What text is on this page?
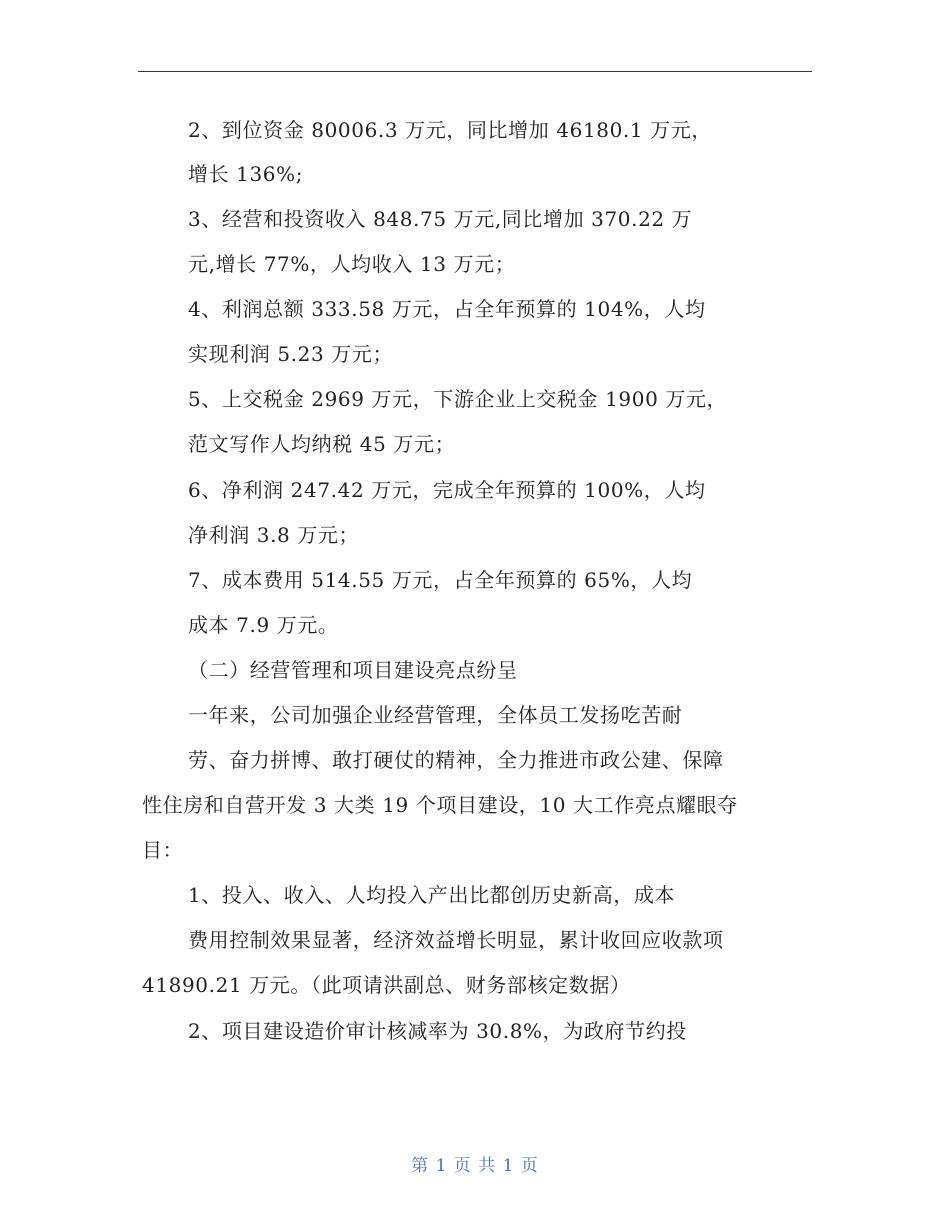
2、到位资金 80006.3 万元，同比增加 46180.1 万元，
增长 136%;
3、经营和投资收入 848.75 万元,同比增加 370.22 万
元,增长 77%，人均收入 13 万元；
4、利润总额 333.58 万元，占全年预算的 104%，人均
实现利润 5.23 万元；
5、上交税金 2969 万元，下游企业上交税金 1900 万元，
范文写作人均纳税 45 万元；
6、净利润 247.42 万元，完成全年预算的 100%，人均
净利润 3.8 万元；
7、成本费用 514.55 万元，占全年预算的 65%，人均
成本 7.9 万元。
（二）经营管理和项目建设亮点纷呈
一年来，公司加强企业经营管理，全体员工发扬吃苦耐
劳、奋力拼博、敢打硬仗的精神，全力推进市政公建、保障
性住房和自营开发 3 大类 19 个项目建设，10 大工作亮点耀眼夺
目：
1、投入、收入、人均投入产出比都创历史新高，成本
费用控制效果显著，经济效益增长明显，累计收回应收款项
41890.21 万元。（此项请洪副总、财务部核定数据）
2、项目建设造价审计核减率为 30.8%，为政府节约投
第 1 页 共 1 页
